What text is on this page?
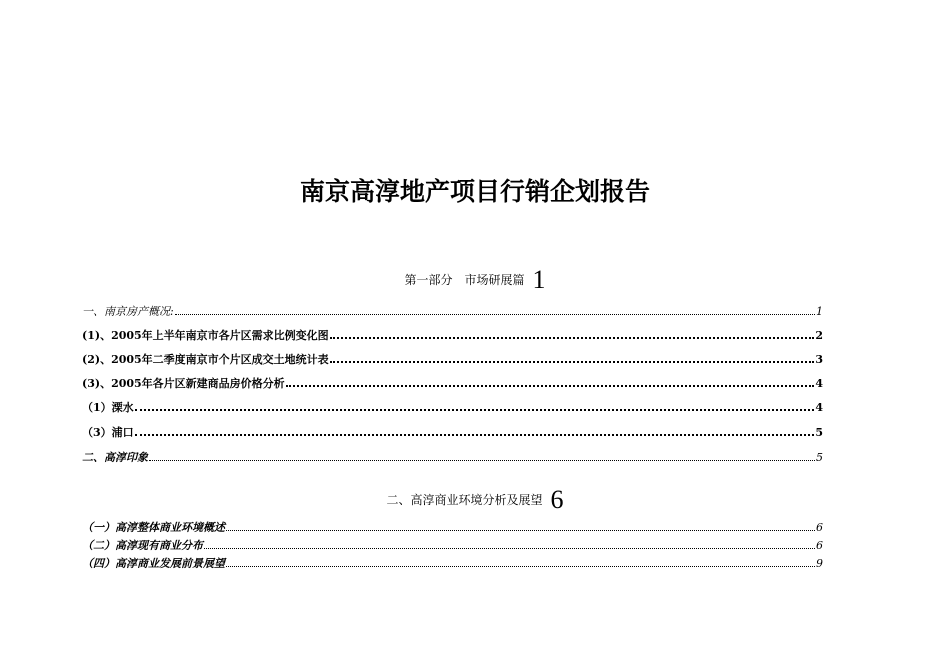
南京高淳地产项目行销企划报告
第一部分　市场研展篇 1
一、南京房产概况:	1
(1)、2005年上半年南京市各片区需求比例变化图	2
(2)、2005年二季度南京市个片区成交土地统计表	3
(3)、2005年各片区新建商品房价格分析	4
（1）溧水	4
（3）浦口	5
二、高淳印象	5
二、高淳商业环境分析及展望 6
（一）高淳整体商业环境概述	6
（二）高淳现有商业分布	6
（四）高淳商业发展前景展望	9
